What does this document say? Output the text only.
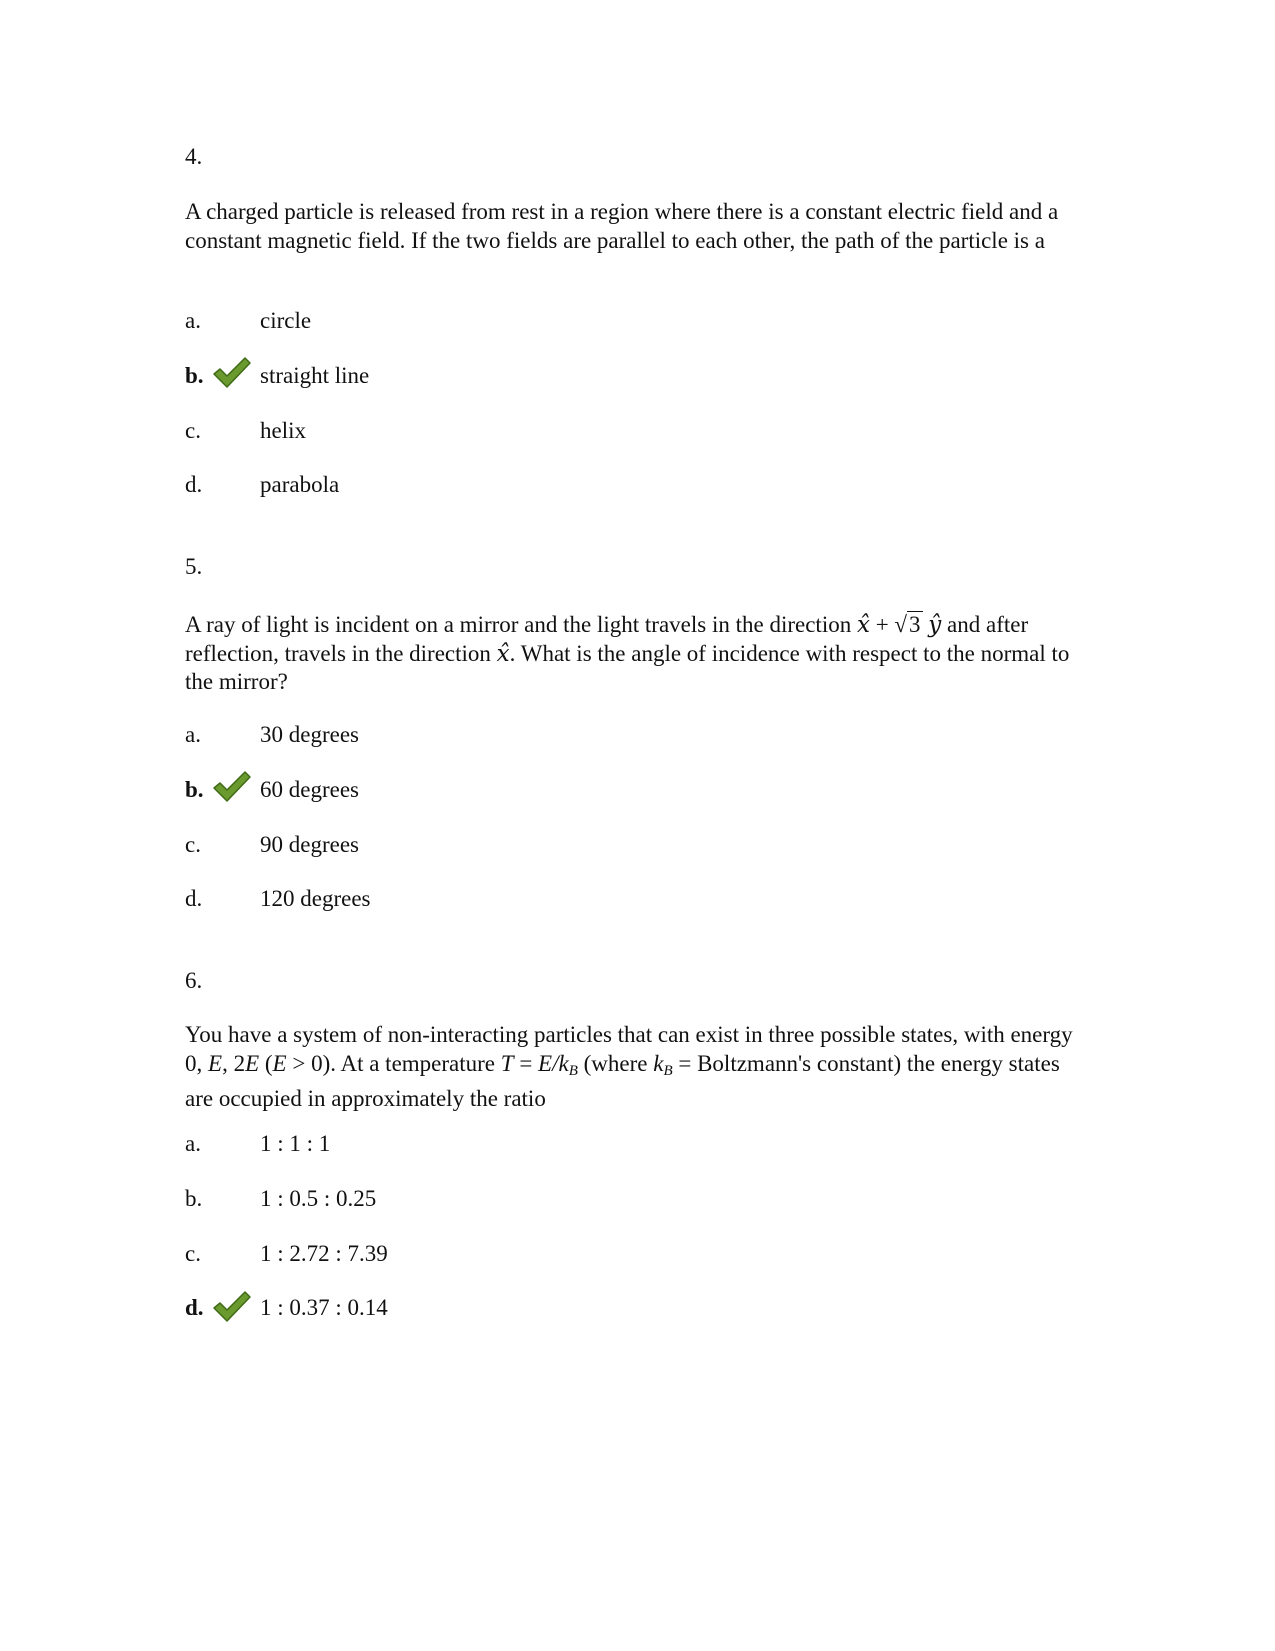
4.
A charged particle is released from rest in a region where there is a constant electric field and a constant magnetic field. If the two fields are parallel to each other, the path of the particle is a
a.	circle
b. straight line
c.	helix
d.	parabola
5.
A ray of light is incident on a mirror and the light travels in the direction x̂ + √3 ŷ and after reflection, travels in the direction x̂. What is the angle of incidence with respect to the normal to the mirror?
a.	30 degrees
b. 60 degrees
c.	90 degrees
d.	120 degrees
6.
You have a system of non-interacting particles that can exist in three possible states, with energy 0, E, 2E (E > 0). At a temperature $T = E/k_B$ (where $k_B$ = Boltzmann's constant) the energy states are occupied in approximately the ratio
a.	1 : 1 : 1
b.	1 : 0.5 : 0.25
c.	1 : 2.72 : 7.39
d. 1 : 0.37 : 0.14
